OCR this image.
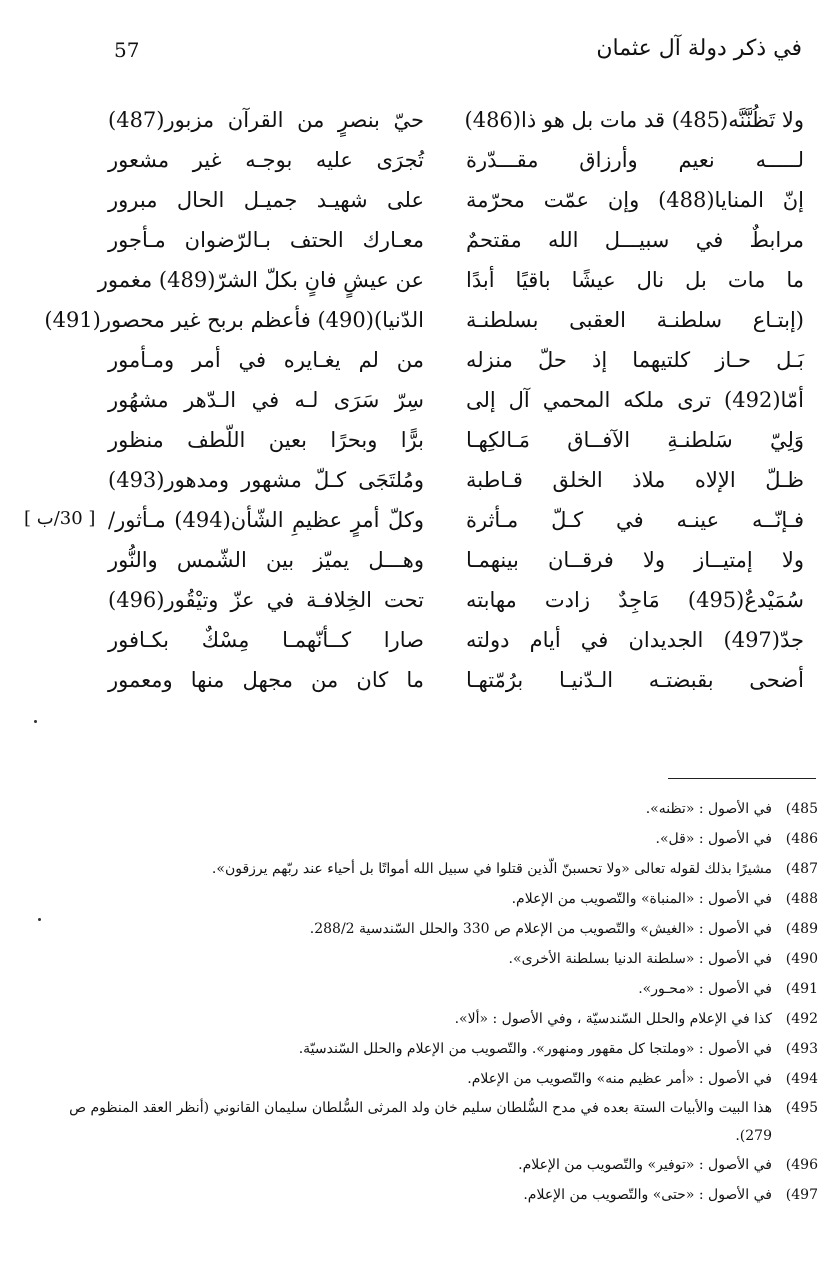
في ذكر دولة آل عثمان
57
ولا تَظُنَّنَّه(485) قد مات بل هو ذا(486)
لـــــه نعيم وأرزاق مقـــدّرة
إنّ المنايا(488) وإن عمّت محرّمة
مرابطٌ في سبيـــل الله مقتحمٌ
ما مات بل نال عيشًا باقيًا أبدًا
(إبتـاع سلطنـة العقبى بسلطنـة
بَـل حـاز كلتيهما إذ حلّ منزله
أمّا(492) ترى ملكه المحمي آل إلى
وَلِيّ سَلطنـةِ الآفــاق مَـالكِهـا
ظـلّ الإلاه ملاذ الخلق قـاطبة
فـإنّــه عينـه في كـلّ مـأثرة
ولا إمتيــاز ولا فرقــان بينهمـا
سُمَيْدعٌ(495) مَاجِدٌ زادت مهابته
جدّ(497) الجديدان في أيام دولته
أضحى بقبضتـه الـدّنيـا برُمّتهـا
حيّ بنصرٍ من القرآن مزبور(487)
تُجرَى عليه بوجـه غير مشعور
على شهيـد جميـل الحال مبرور
معـارك الحتف بـالرّضوان مـأجور
عن عيشٍ فانٍ بكلّ الشرّ(489) مغمور
الدّنيا)(490) فأعظم بربح غير محصور(491)
من لم يغـايره في أمر ومـأمور
سِرّ سَرَى لـه في الـدّهر مشهُور
برًّا وبحرًا بعين اللّطف منظور
ومُلتَجَى كـلّ مشهور ومدهور(493)
وكلّ أمرٍ عظيمِ الشّأن(494) مـأثور/
وهـــل يميّز بين الشّمس والنُّور
تحت الخِلافـة في عزّ وتيْقُور(496)
صارا كــأنّهمـا مِسْكٌ بكـافور
ما كان من مجهل منها ومعمور
[ 30/ب ]
485)
في الأصول : «تظنه».
486)
في الأصول : «قل».
487)
مشيرًا بذلك لقوله تعالى «ولا تحسبنّ الّذين قتلوا في سبيل الله أمواتًا بل أحياء عند ربّهم يرزقون».
488)
في الأصول : «المنباة» والتّصويب من الإعلام.
489)
في الأصول : «الغيش» والتّصويب من الإعلام ص 330 والحلل السّندسية 288/2.
490)
في الأصول : «سلطنة الدنيا بسلطنة الأخرى».
491)
في الأصول : «محـور».
492)
كذا في الإعلام والحلل السّندسيّة ، وفي الأصول : «ألا».
493)
في الأصول : «وملتجا كل مقهور ومنهور». والتّصويب من الإعلام والحلل السّندسيّة.
494)
في الأصول : «أمر عظيم منه» والتّصويب من الإعلام.
495)
هذا البيت والأبيات الستة بعده في مدح السُّلطان سليم خان ولد المرثى السُّلطان سليمان القانوني (أنظر العقد المنظوم ص 279).
496)
في الأصول : «توفير» والتّصويب من الإعلام.
497)
في الأصول : «حتى» والتّصويب من الإعلام.
